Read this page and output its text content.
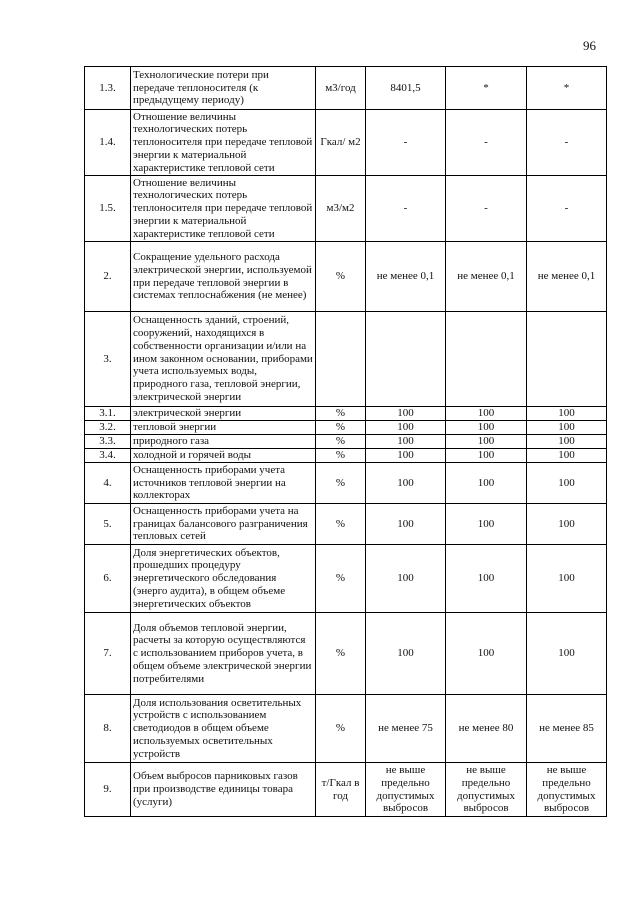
96
1.3.	Технологические потери при передаче теплоносителя (к предыдущему периоду)	м3/год	8401,5	*	*
1.4.	Отношение величины технологических потерь теплоносителя при передаче тепловой энергии к материальной характеристике тепловой сети	Гкал/ м2	-	-	-
1.5.	Отношение величины технологических потерь теплоносителя при передаче тепловой энергии к материальной характеристике тепловой сети	м3/м2	-	-	-
2.	Сокращение удельного расхода электрической энергии, используемой при передаче тепловой энергии в системах теплоснабжения (не менее)	%	не менее 0,1	не менее 0,1	не менее 0,1
3.	Оснащенность зданий, строений, сооружений, находящихся в собственности организации и/или на ином законном основании, приборами учета используемых воды, природного газа, тепловой энергии, электрической энергии				
3.1.	электрической энергии	%	100	100	100
3.2.	тепловой энергии	%	100	100	100
3.3.	природного газа	%	100	100	100
3.4.	холодной и горячей воды	%	100	100	100
4.	Оснащенность приборами учета источников тепловой энергии на коллекторах	%	100	100	100
5.	Оснащенность приборами учета на границах балансового разграничения тепловых сетей	%	100	100	100
6.	Доля энергетических объектов, прошедших процедуру энергетического обследования (энерго аудита), в общем объеме энергетических объектов	%	100	100	100
7.	Доля объемов тепловой энергии, расчеты за которую осуществляются с использованием приборов учета, в общем объеме электрической энергии потребителями	%	100	100	100
8.	Доля использования осветительных устройств с использованием светодиодов в общем объеме используемых осветительных устройств	%	не менее 75	не менее 80	не менее 85
9.	Объем выбросов парниковых газов при производстве единицы товара (услуги)	т/Гкал в год	не выше предельно допустимых выбросов	не выше предельно допустимых выбросов	не выше предельно допустимых выбросов
